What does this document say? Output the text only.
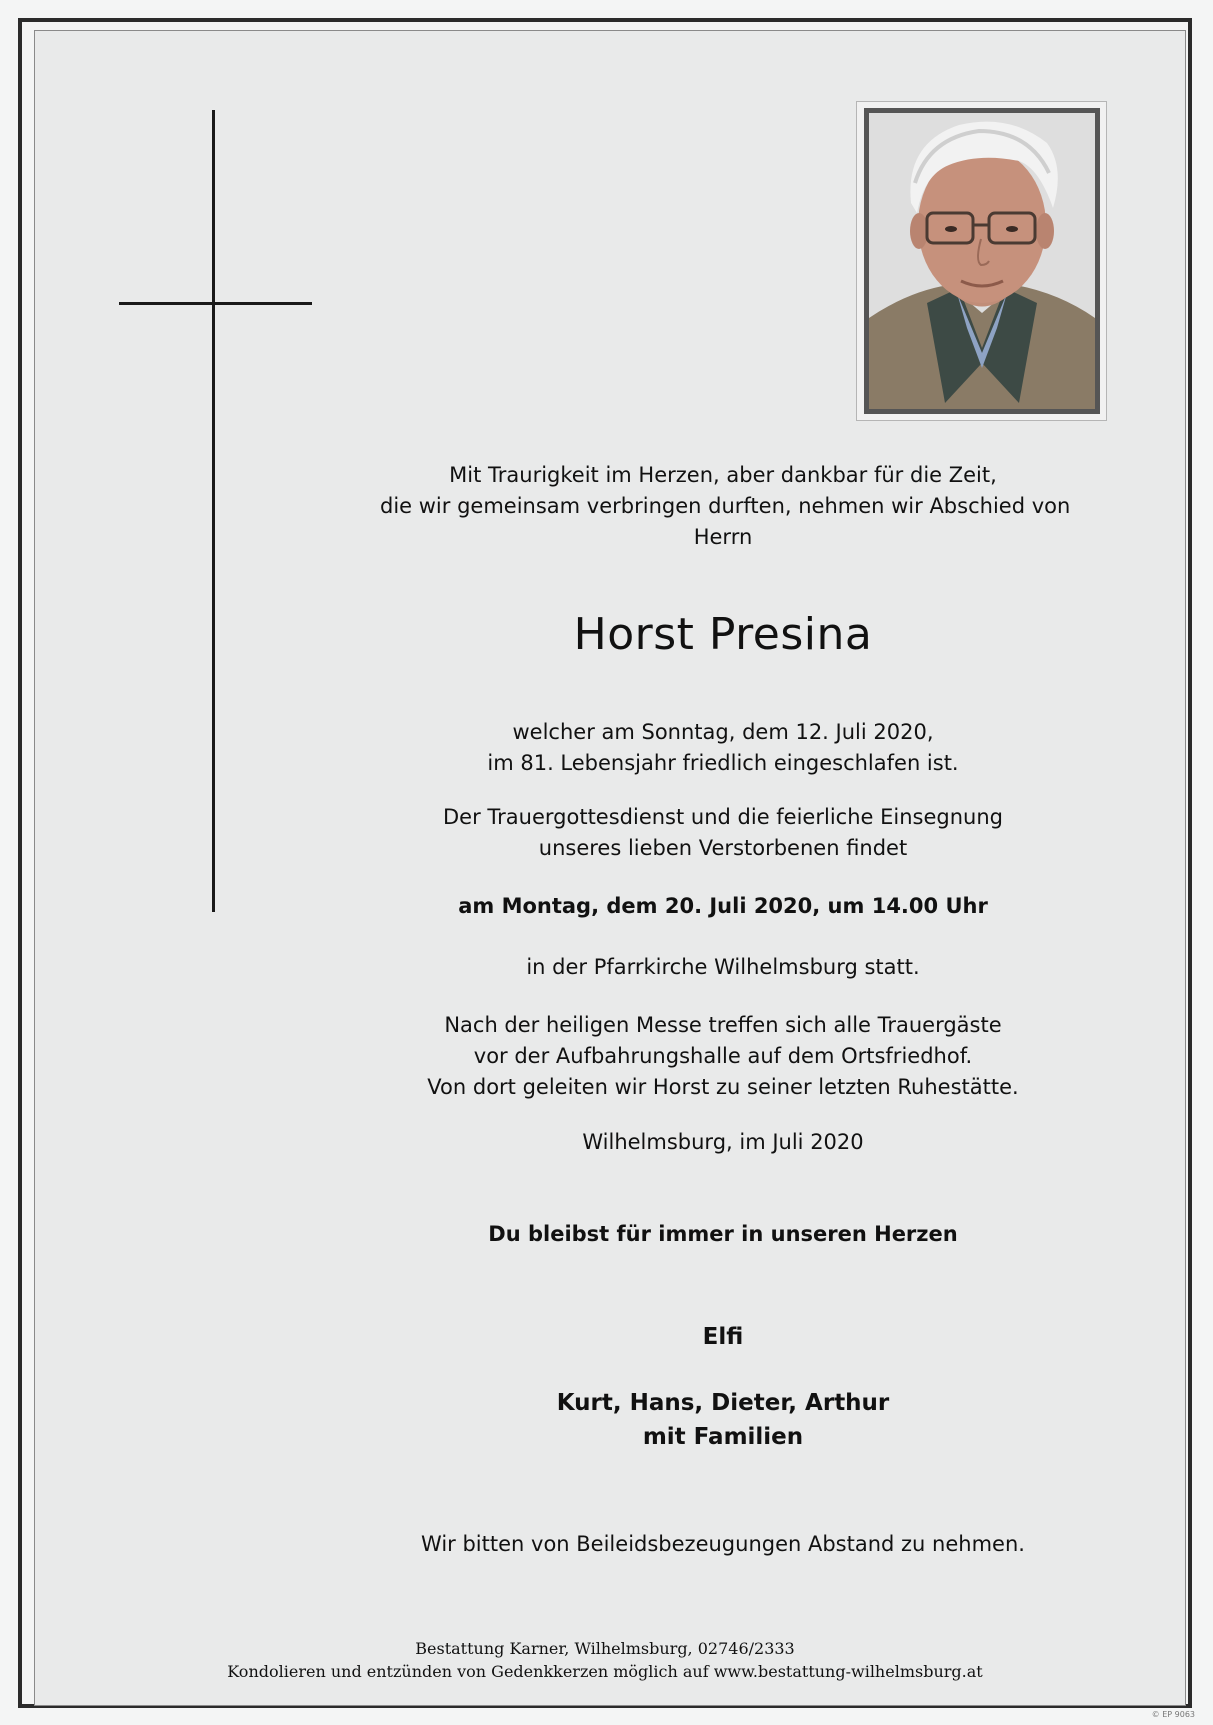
Mit Traurigkeit im Herzen, aber dankbar für die Zeit,
die wir gemeinsam verbringen durften, nehmen wir Abschied von
Herrn
Horst Presina
welcher am Sonntag, dem 12. Juli 2020,
im 81. Lebensjahr friedlich eingeschlafen ist.
Der Trauergottesdienst und die feierliche Einsegnung
unseres lieben Verstorbenen findet
am Montag, dem 20. Juli 2020, um 14.00 Uhr
in der Pfarrkirche Wilhelmsburg statt.
Nach der heiligen Messe treffen sich alle Trauergäste
vor der Aufbahrungshalle auf dem Ortsfriedhof.
Von dort geleiten wir Horst zu seiner letzten Ruhestätte.
Wilhelmsburg, im Juli 2020
Du bleibst für immer in unseren Herzen
Elfi
Kurt, Hans, Dieter, Arthur
mit Familien
Wir bitten von Beileidsbezeugungen Abstand zu nehmen.
Bestattung Karner, Wilhelmsburg, 02746/2333
Kondolieren und entzünden von Gedenkkerzen möglich auf www.bestattung-wilhelmsburg.at
© EP 9063
